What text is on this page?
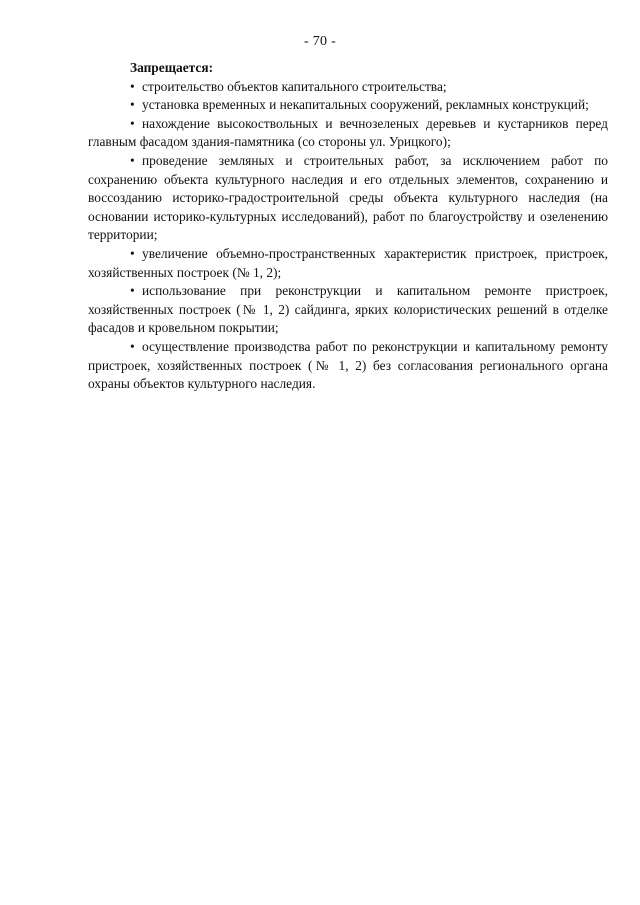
- 70 -
Запрещается:

• строительство объектов капитального строительства;

• установка временных и некапитальных сооружений, рекламных конструкций;

• нахождение высокоствольных и вечнозеленых деревьев и кустарников перед главным фасадом здания-памятника (со стороны ул. Урицкого);

• проведение земляных и строительных работ, за исключением работ по сохранению объекта культурного наследия и его отдельных элементов, сохранению и воссозданию историко-градостроительной среды объекта культурного наследия (на основании историко-культурных исследований), работ по благоустройству и озеленению территории;

• увеличение объемно-пространственных характеристик пристроек, пристроек, хозяйственных построек (№ 1, 2);

• использование при реконструкции и капитальном ремонте пристроек, хозяйственных построек (№ 1, 2) сайдинга, ярких колористических решений в отделке фасадов и кровельном покрытии;

• осуществление производства работ по реконструкции и капитальному ремонту пристроек, хозяйственных построек (№ 1, 2) без согласования регионального органа охраны объектов культурного наследия.
